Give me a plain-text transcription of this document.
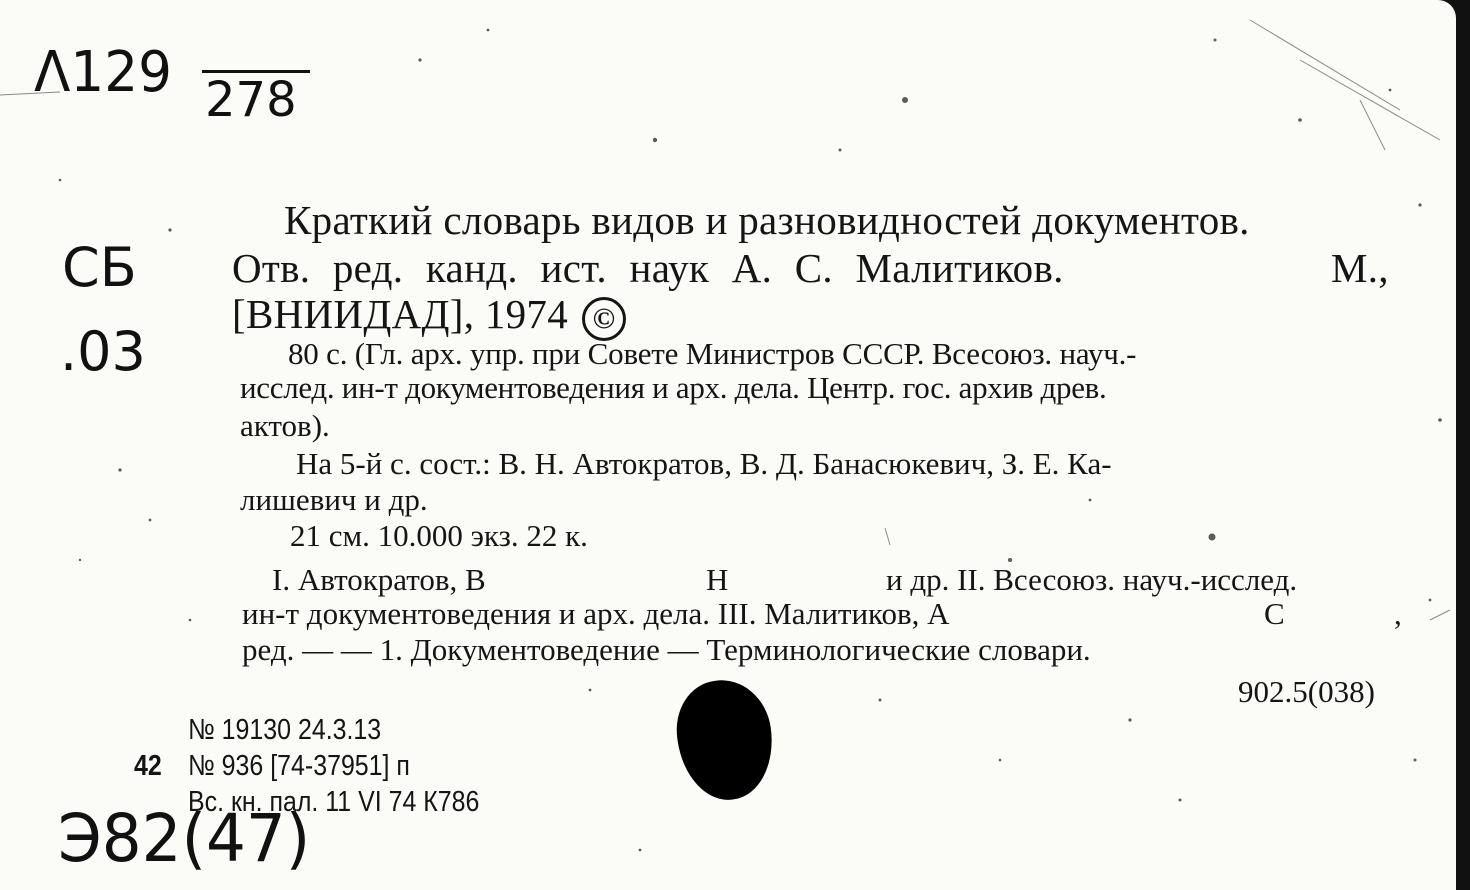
Λ129 278
СБ
.03
Э82(47)
Краткий словарь видов и разновидностей документов.
Отв. ред. канд. ист. наук А. С. Малитиков.	М.,
[ВНИИДАД], 1974 ©
80 с. (Гл. арх. упр. при Совете Министров СССР. Всесоюз. науч.-
исслед. ин-т документоведения и арх. дела. Центр. гос. архив древ.
актов).
На 5-й с. сост.: В. Н. Автократов, В. Д. Банасюкевич, З. Е. Ка-
лишевич и др.
21 см. 10.000 экз. 22 к.
I. Автократов, В	Н	и др. II. Всесоюз. науч.-исслед.
ин-т документоведения и арх. дела. III. Малитиков, А	С	,
ред. — — 1. Документоведение — Терминологические словари.
902.5(038)
№ 19130 24.3.13
42 № 936 [74-37951] п
Вс. кн. пал. 11 VI 74 К786
